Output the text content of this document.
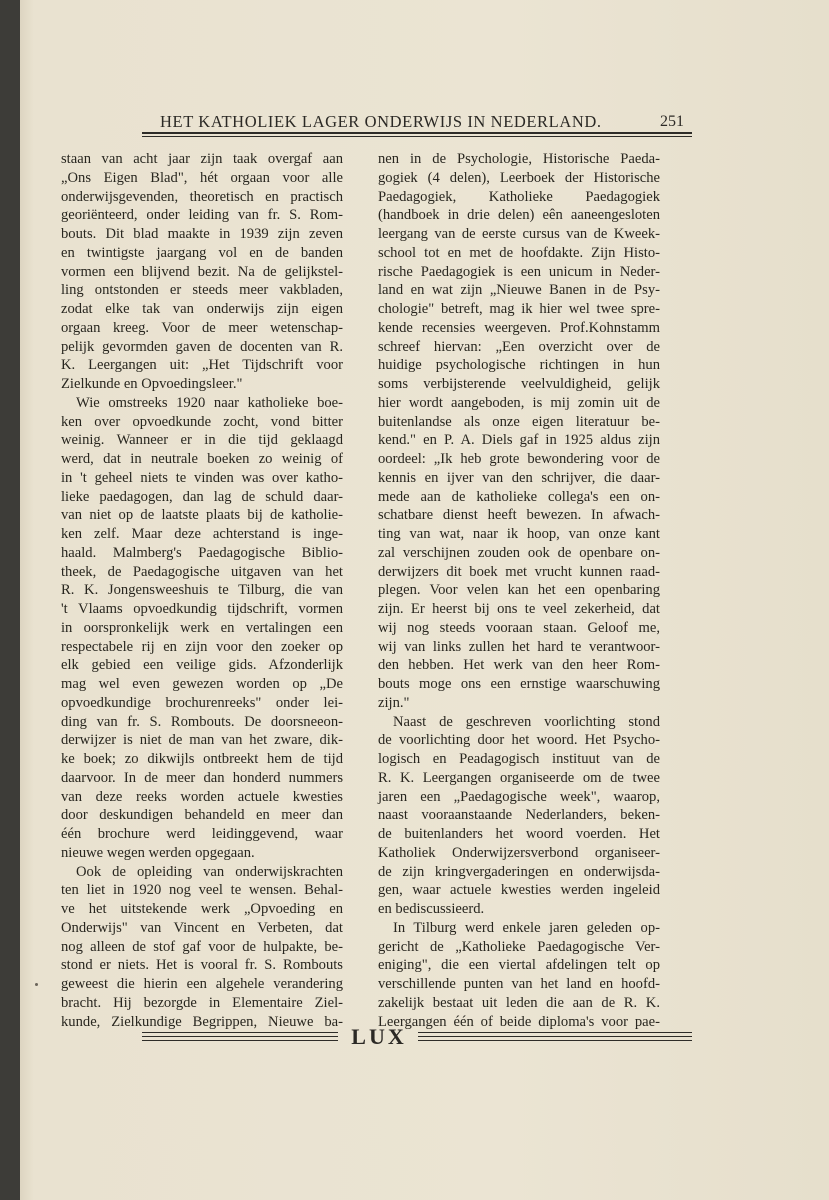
HET KATHOLIEK LAGER ONDERWIJS IN NEDERLAND.	251
staan van acht jaar zijn taak overgaf aan
„Ons Eigen Blad", hét orgaan voor alle
onderwijsgevenden, theoretisch en practisch
georiënteerd, onder leiding van fr. S. Rom-
bouts. Dit blad maakte in 1939 zijn zeven
en twintigste jaargang vol en de banden
vormen een blijvend bezit. Na de gelijkstel-
ling ontstonden er steeds meer vakbladen,
zodat elke tak van onderwijs zijn eigen
orgaan kreeg. Voor de meer wetenschap-
pelijk gevormden gaven de docenten van R.
K. Leergangen uit: „Het Tijdschrift voor
Zielkunde en Opvoedingsleer."
Wie omstreeks 1920 naar katholieke boe-
ken over opvoedkunde zocht, vond bitter
weinig. Wanneer er in die tijd geklaagd
werd, dat in neutrale boeken zo weinig of
in 't geheel niets te vinden was over katho-
lieke paedagogen, dan lag de schuld daar-
van niet op de laatste plaats bij de katholie-
ken zelf. Maar deze achterstand is inge-
haald. Malmberg's Paedagogische Biblio-
theek, de Paedagogische uitgaven van het
R. K. Jongensweeshuis te Tilburg, die van
't Vlaams opvoedkundig tijdschrift, vormen
in oorspronkelijk werk en vertalingen een
respectabele rij en zijn voor den zoeker op
elk gebied een veilige gids. Afzonderlijk
mag wel even gewezen worden op „De
opvoedkundige brochurenreeks" onder lei-
ding van fr. S. Rombouts. De doorsneeon-
derwijzer is niet de man van het zware, dik-
ke boek; zo dikwijls ontbreekt hem de tijd
daarvoor. In de meer dan honderd nummers
van deze reeks worden actuele kwesties
door deskundigen behandeld en meer dan
één brochure werd leidinggevend, waar
nieuwe wegen werden opgegaan.
Ook de opleiding van onderwijskrachten
ten liet in 1920 nog veel te wensen. Behal-
ve het uitstekende werk „Opvoeding en
Onderwijs" van Vincent en Verbeten, dat
nog alleen de stof gaf voor de hulpakte, be-
stond er niets. Het is vooral fr. S. Rombouts
geweest die hierin een algehele verandering
bracht. Hij bezorgde in Elementaire Ziel-
kunde, Zielkundige Begrippen, Nieuwe ba-
nen in de Psychologie, Historische Paeda-
gogiek (4 delen), Leerboek der Historische
Paedagogiek, Katholieke Paedagogiek
(handboek in drie delen) eên aaneengesloten
leergang van de eerste cursus van de Kweek-
school tot en met de hoofdakte. Zijn Histo-
rische Paedagogiek is een unicum in Neder-
land en wat zijn „Nieuwe Banen in de Psy-
chologie" betreft, mag ik hier wel twee spre-
kende recensies weergeven. Prof.Kohnstamm
schreef hiervan: „Een overzicht over de
huidige psychologische richtingen in hun
soms verbijsterende veelvuldigheid, gelijk
hier wordt aangeboden, is mij zomin uit de
buitenlandse als onze eigen literatuur be-
kend." en P. A. Diels gaf in 1925 aldus zijn
oordeel: „Ik heb grote bewondering voor de
kennis en ijver van den schrijver, die daar-
mede aan de katholieke collega's een on-
schatbare dienst heeft bewezen. In afwach-
ting van wat, naar ik hoop, van onze kant
zal verschijnen zouden ook de openbare on-
derwijzers dit boek met vrucht kunnen raad-
plegen. Voor velen kan het een openbaring
zijn. Er heerst bij ons te veel zekerheid, dat
wij nog steeds vooraan staan. Geloof me,
wij van links zullen het hard te verantwoor-
den hebben. Het werk van den heer Rom-
bouts moge ons een ernstige waarschuwing
zijn."
Naast de geschreven voorlichting stond
de voorlichting door het woord. Het Psycho-
logisch en Peadagogisch instituut van de
R. K. Leergangen organiseerde om de twee
jaren een „Paedagogische week", waarop,
naast vooraanstaande Nederlanders, beken-
de buitenlanders het woord voerden. Het
Katholiek Onderwijzersverbond organiseer-
de zijn kringvergaderingen en onderwijsda-
gen, waar actuele kwesties werden ingeleid
en bediscussieerd.
In Tilburg werd enkele jaren geleden op-
gericht de „Katholieke Paedagogische Ver-
eniging", die een viertal afdelingen telt op
verschillende punten van het land en hoofd-
zakelijk bestaat uit leden die aan de R. K.
Leergangen één of beide diploma's voor pae-
LUX
